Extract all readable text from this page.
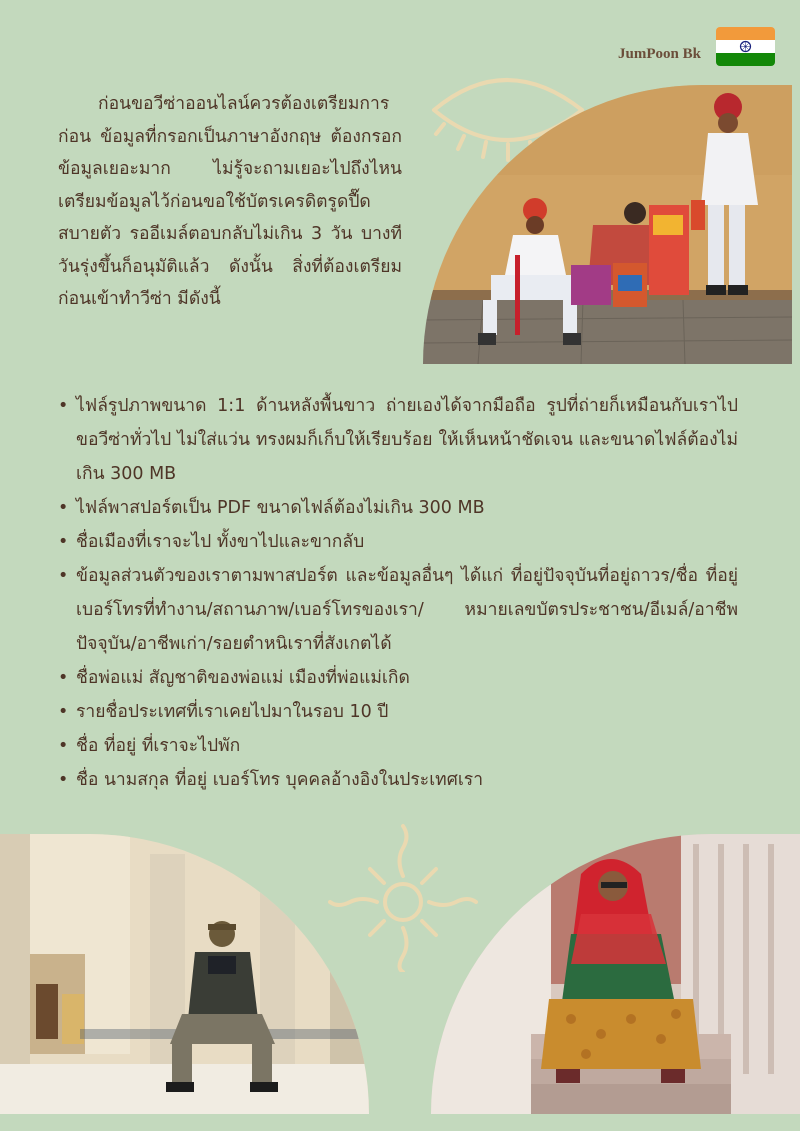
JumPoon Bk

ก่อนขอวีซ่าออนไลน์ควรต้องเตรียมการก่อน ข้อมูลที่กรอกเป็นภาษาอังกฤษ ต้องกรอกข้อมูลเยอะมาก ไม่รู้จะถามเยอะไปถึงไหน เตรียมข้อมูลไว้ก่อนขอใช้บัตรเครดิตรูดปื๊ด สบายตัว รออีเมล์ตอบกลับไม่เกิน 3 วัน บางทีวันรุ่งขึ้นก็อนุมัติแล้ว ดังนั้น สิ่งที่ต้องเตรียม ก่อนเข้าทำวีซ่า มีดังนี้

• ไฟล์รูปภาพขนาด 1:1 ด้านหลังพื้นขาว ถ่ายเองได้จากมือถือ รูปที่ถ่ายก็เหมือนกับเราไปขอวีซ่าทั่วไป ไม่ใส่แว่น ทรงผมก็เก็บให้เรียบร้อย ให้เห็นหน้าชัดเจน และขนาดไฟล์ต้องไม่เกิน 300 MB
• ไฟล์พาสปอร์ตเป็น PDF ขนาดไฟล์ต้องไม่เกิน 300 MB
• ชื่อเมืองที่เราจะไป ทั้งขาไปและขากลับ
• ข้อมูลส่วนตัวของเราตามพาสปอร์ต และข้อมูลอื่นๆ ได้แก่ ที่อยู่ปัจจุบันที่อยู่ถาวร/ชื่อ ที่อยู่ เบอร์โทรที่ทำงาน/สถานภาพ/เบอร์โทรของเรา/ หมายเลขบัตรประชาชน/อีเมล์/อาชีพปัจจุบัน/อาชีพเก่า/รอยตำหนิเราที่สังเกตได้
• ชื่อพ่อแม่ สัญชาติของพ่อแม่ เมืองที่พ่อแม่เกิด
• รายชื่อประเทศที่เราเคยไปมาในรอบ 10 ปี
• ชื่อ ที่อยู่ ที่เราจะไปพัก
• ชื่อ นามสกุล ที่อยู่ เบอร์โทร บุคคลอ้างอิงในประเทศเรา
